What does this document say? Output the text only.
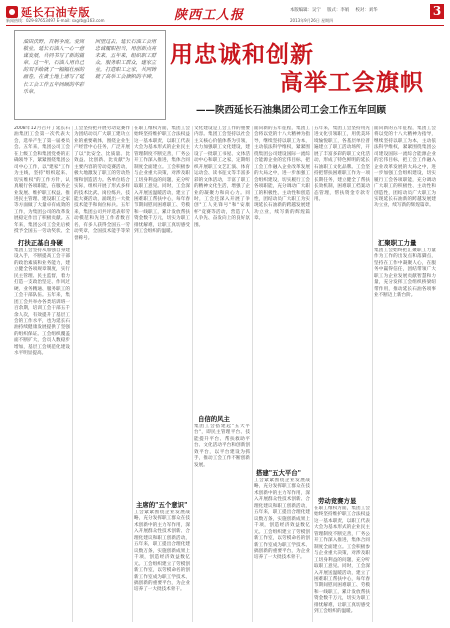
延长石油专版	陕西工人报	本版编辑：吴宁 版式：李娟 校对：刘华	3
新闻热线：029-87653497 E-mail: sxgrb@163.com	2013年9月26日 星期四
油田沃野，百舸争流。爱岗敬业，延长石油人一心一意谋发展，共同书写了新的篇章。这一年，石油人用自己的双手绘就了一幅幅壮丽的画卷，在黄土地上谱写了延长工会工作五年回顾的华彩乐章。
回望过去，延长石油工会用忠诚履职担当，用创新点亮未来。五年来，组织职工群众，服务职工群众，建家立业，打造职工之家，共同铸就了高举工会旗帜的丰碑。
用忠诚和创新
高举工会旗帜
——陕西延长石油集团公司工会工作五年回顾
2008年12月召开了延长石油集团工会第一次代表大会，选举产生了第一届委员会。五年来，集团公司工会在上级工会和集团党委的正确领导下，紧紧围绕集团公司中心工作，以"建家"工作为主线，坚持"组织起来、切实维权"的工作方针，认真履行各项职能，在服务企业发展、维护职工权益、推进民主管理、建设职工之家等方面做了大量卓有成效的工作，为集团公司的改革发展稳定作出了积极贡献。五年来，集团公司工会先后被授予全国五一劳动奖状、全
打扶正基自身硬
集团工会坚持从加强自身建设入手，不断提高工会干部的政治素质和业务能力，建立健全各项规章制度，实行民主管理、民主监督，着力打造一支政治坚定、作风过硬、业务精通、服务职工的工会干部队伍。五年来，集团工会共举办各类培训班一百余期，培训工会干部五千余人次，有效提升了基层工会的工作水平，也为延长石油持续健康发展提供了坚强的组织保证。工会组织覆盖面不断扩大，会员人数稳步增加，基层工会规范化建设水平明显提高。
工会坚持把开展劳动竞赛作为团结动员广大职工建功立业的重要载体，围绕企业生产经营中心任务，广泛开展了以"比安全、比质量、比效益、比创新、比贡献"为主要内容的劳动竞赛活动，极大地激发了职工的劳动热情和创造活力。各单位结合实际，组织开展了形式多样的技术比武、岗位练兵、技能大赛活动，涌现出一大批技术能手和岗位标兵。五年来，集团公司共评选表彰劳动模范和先进工作者数百名，有多人获得全国五一劳动奖章，全国技术能手等荣誉称号。
在职工维权方面，集团工会始终坚持维护职工合法权益这一基本职责，以职工代表大会为基本形式的企业民主管理制度不断完善，厂务公开工作深入推进，集体合同制度全面建立。工会积极参与企业重大决策，对涉及职工切身利益的问题，充分听取职工意见。同时，工会深入开展送温暖活动，建立了困难职工帮扶中心，每年春节期间慰问困难职工、劳模和一线职工，累计发放帮扶资金数千万元，切实为职工排忧解难，让职工真切感受到工会组织的温暖。
主席的"五个意识"
工会紧紧围绕企业发展战略，充分发挥职工群众在技术创新中的主力军作用，深入开展群众性技术创新、合理化建议和职工创新活动，五年来，职工提出合理化建议数万条，实施创新成果上千项，创造经济效益数亿元。工会组织建立了劳模创新工作室，以劳模命名的创新工作室成为职工学技术、搞创新的重要平台，为企业培养了一大批技术骨干。
文化建设是工会工作的重要内容。集团工会坚持以社会主义核心价值体系为引领，大力加强职工文化建设，建设了一批职工书屋、文体活动中心和职工之家，定期组织开展职工文艺汇演、体育运动会、读书征文等丰富多彩的文体活动，丰富了职工的精神文化生活，增强了企业的凝聚力和向心力。同时，工会还深入开展了争创"工人先锋号"和"安康杯"竞赛等活动，营造了人人争先、奋发向上的良好氛围。
自信的风主
集团工会搭建起"五大平台"，即民主管理平台、技能提升平台、帮扶救助平台、文化活动平台和创新创效平台，以平台建设为抓手，推动工会工作不断创新发展。
面向新的五年征程，集团工会将以党的十八大精神为指导，继续坚持以职工为本，主动依法科学维权，紧紧围绕集团公司建设国际一流综合能源企业的宏伟目标，把工会工作融入企业改革发展的大局之中，进一步加强工会组织建设，切实履行工会各项职能，充分调动广大职工的积极性、主动性和创造性，团结动员广大职工为实现延长石油新的跨越发展建功立业，续写新的辉煌篇章。
搭建"五大平台"
工会紧紧围绕企业发展战略，充分发挥职工群众在技术创新中的主力军作用，深入开展群众性技术创新、合理化建议和职工创新活动，五年来，职工提出合理化建议数万条，实施创新成果上千项，创造经济效益数亿元。工会组织建立了劳模创新工作室，以劳模命名的创新工作室成为职工学技术、搞创新的重要平台，为企业培养了一大批技术骨干。
五年来，集团工会坚持用先进文化引领职工，用优美环境愉悦职工，各基层单位普遍建立了职工活动场所，开展了丰富多彩的职工文化活动，形成了特色鲜明的延长石油职工文化品牌。工会坚持把帮扶困难职工作为一项长期任务，建立健全了帮扶长效机制，困难职工档案动态管理，帮扶资金专款专用。
劳动竞赛方显
在职工维权方面，集团工会始终坚持维护职工合法权益这一基本职责，以职工代表大会为基本形式的企业民主管理制度不断完善，厂务公开工作深入推进，集体合同制度全面建立。工会积极参与企业重大决策，对涉及职工切身利益的问题，充分听取职工意见。同时，工会深入开展送温暖活动，建立了困难职工帮扶中心，每年春节期间慰问困难职工、劳模和一线职工，累计发放帮扶资金数千万元，切实为职工排忧解难，让职工真切感受到工会组织的温暖。
面向新的五年征程，集团工会将以党的十八大精神为指导，继续坚持以职工为本，主动依法科学维权，紧紧围绕集团公司建设国际一流综合能源企业的宏伟目标，把工会工作融入企业改革发展的大局之中，进一步加强工会组织建设，切实履行工会各项职能，充分调动广大职工的积极性、主动性和创造性，团结动员广大职工为实现延长石油新的跨越发展建功立业，续写新的辉煌篇章。
汇聚职工力量
集团工会始终把汇聚职工力量作为工作的出发点和落脚点，坚持在工作中凝聚人心，在服务中赢得信任，团结带领广大职工为企业发展贡献智慧和力量，充分发挥工会组织桥梁纽带作用，推动延长石油各项事业不断迈上新台阶。
